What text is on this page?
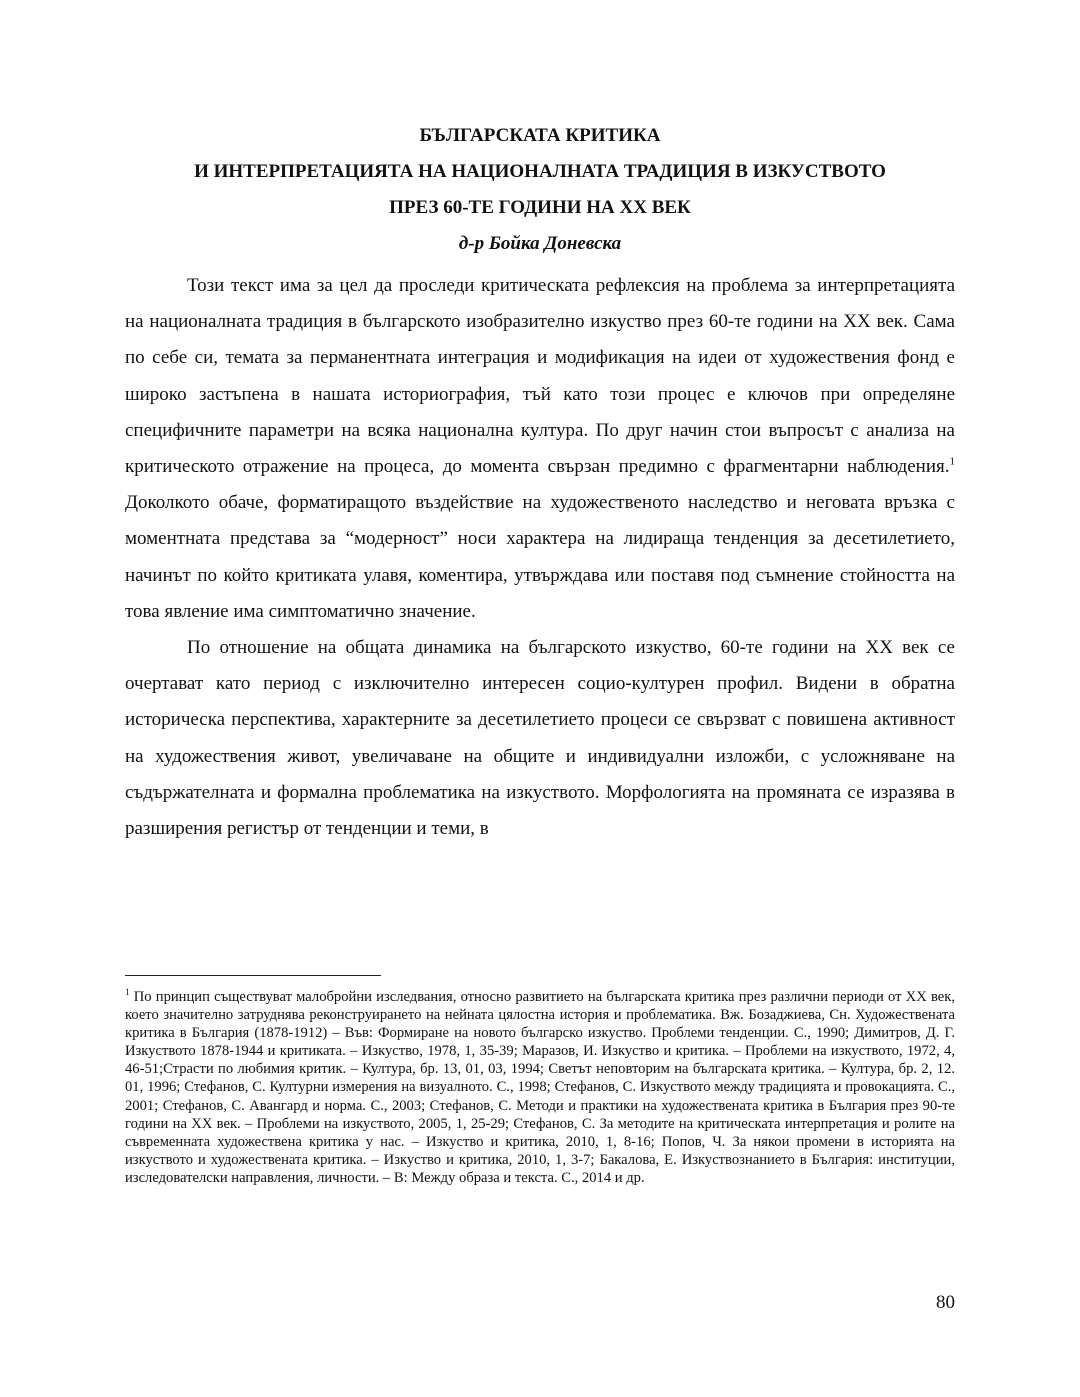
БЪЛГАРСКАТА КРИТИКА
И ИНТЕРПРЕТАЦИЯТА НА НАЦИОНАЛНАТА ТРАДИЦИЯ В ИЗКУСТВОТО
ПРЕЗ 60-ТЕ ГОДИНИ НА ХХ ВЕК
д-р Бойка Доневска

Този текст има за цел да проследи критическата рефлексия на проблема за интерпретацията на националната традиция в българското изобразително изкуство през 60-те години на ХХ век. Сама по себе си, темата за перманентната интеграция и модификация на идеи от художествения фонд е широко застъпена в нашата историография, тъй като този процес е ключов при определяне специфичните параметри на всяка национална култура. По друг начин стои въпросът с анализа на критическото отражение на процеса, до момента свързан предимно с фрагментарни наблюдения.$^1$ Доколкото обаче, форматиращото въздействие на художественото наследство и неговата връзка с моментната представа за “модерност” носи характера на лидираща тенденция за десетилетието, начинът по който критиката улавя, коментира, утвърждава или поставя под съмнение стойността на това явление има симптоматично значение.

По отношение на общата динамика на българското изкуство, 60-те години на ХХ век се очертават като период с изключително интересен социо-културен профил. Видени в обратна историческа перспектива, характерните за десетилетието процеси се свързват с повишена активност на художествения живот, увеличаване на общите и индивидуални изложби, с усложняване на съдържателната и формална проблематика на изкуството. Морфологията на промяната се изразява в разширения регистър от тенденции и теми, в

$^1$ По принцип съществуват малобройни изследвания, относно развитието на българската критика през различни периоди от ХХ век, което значително затруднява реконструирането на нейната цялостна история и проблематика. Вж. Бозаджиева, Сн. Художествената критика в България (1878-1912) – Във: Формиране на новото българско изкуство. Проблеми тенденции. С., 1990; Димитров, Д. Г. Изкуството 1878-1944 и критиката. – Изкуство, 1978, 1, 35-39; Маразов, И. Изкуство и критика. – Проблеми на изкуството, 1972, 4, 46-51;Страсти по любимия критик. – Култура, бр. 13, 01, 03, 1994; Светът неповторим на българската критика. – Култура, бр. 2, 12. 01, 1996; Стефанов, С. Културни измерения на визуалното. С., 1998; Стефанов, С. Изкуството между традицията и провокацията. С., 2001; Стефанов, С. Авангард и норма. С., 2003; Стефанов, С. Методи и практики на художествената критика в България през 90-те години на ХХ век. – Проблеми на изкуството, 2005, 1, 25-29; Стефанов, С. За методите на критическата интерпретация и ролите на съвременната художествена критика у нас. – Изкуство и критика, 2010, 1, 8-16; Попов, Ч. За някои промени в историята на изкуството и художествената критика. – Изкуство и критика, 2010, 1, 3-7; Бакалова, Е. Изкуствознанието в България: институции, изследователски направления, личности. – В: Между образа и текста. С., 2014 и др.
80
